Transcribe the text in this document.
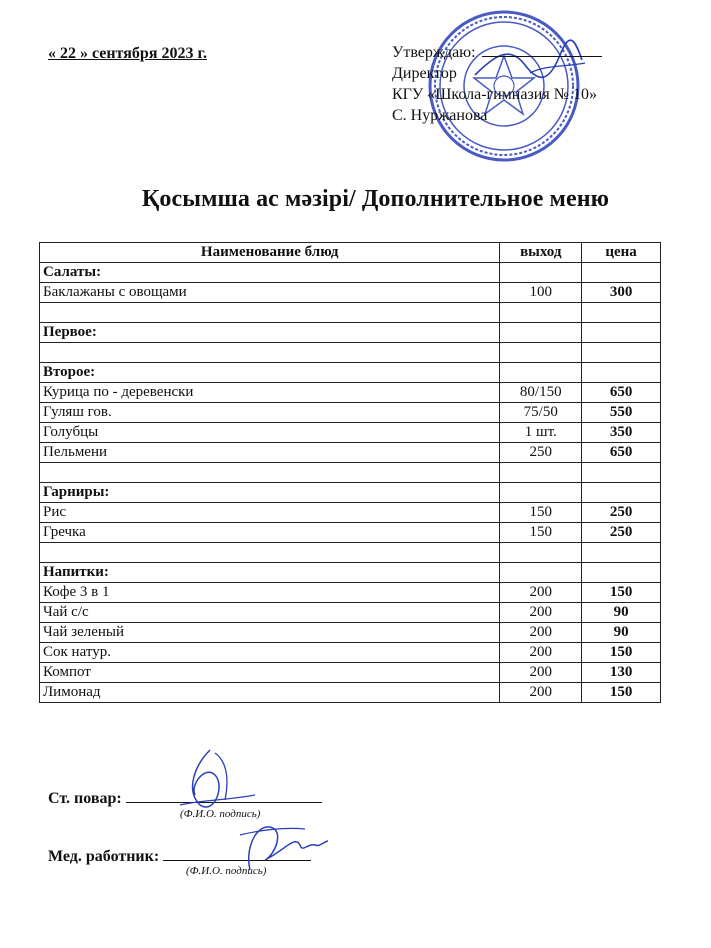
« 22 » сентября 2023 г.	Утверждаю:
Директор
КГУ «Школа-гимназия № 10»
С. Нуржанова
Қосымша ас мәзірі/ Дополнительное меню
Наименование блюд	выход	цена
Салаты:		
Баклажаны с овощами	100	300

Первое:		

Второе:		
Курица по - деревенски	80/150	650
Гуляш гов.	75/50	550
Голубцы	1 шт.	350
Пельмени	250	650

Гарниры:		
Рис	150	250
Гречка	150	250

Напитки:		
Кофе 3 в 1	200	150
Чай с/с	200	90
Чай зеленый	200	90
Сок натур.	200	150
Компот	200	130
Лимонад	200	150
Ст. повар:
(Ф.И.О. подпись)
Мед. работник:
(Ф.И.О. подпись)
